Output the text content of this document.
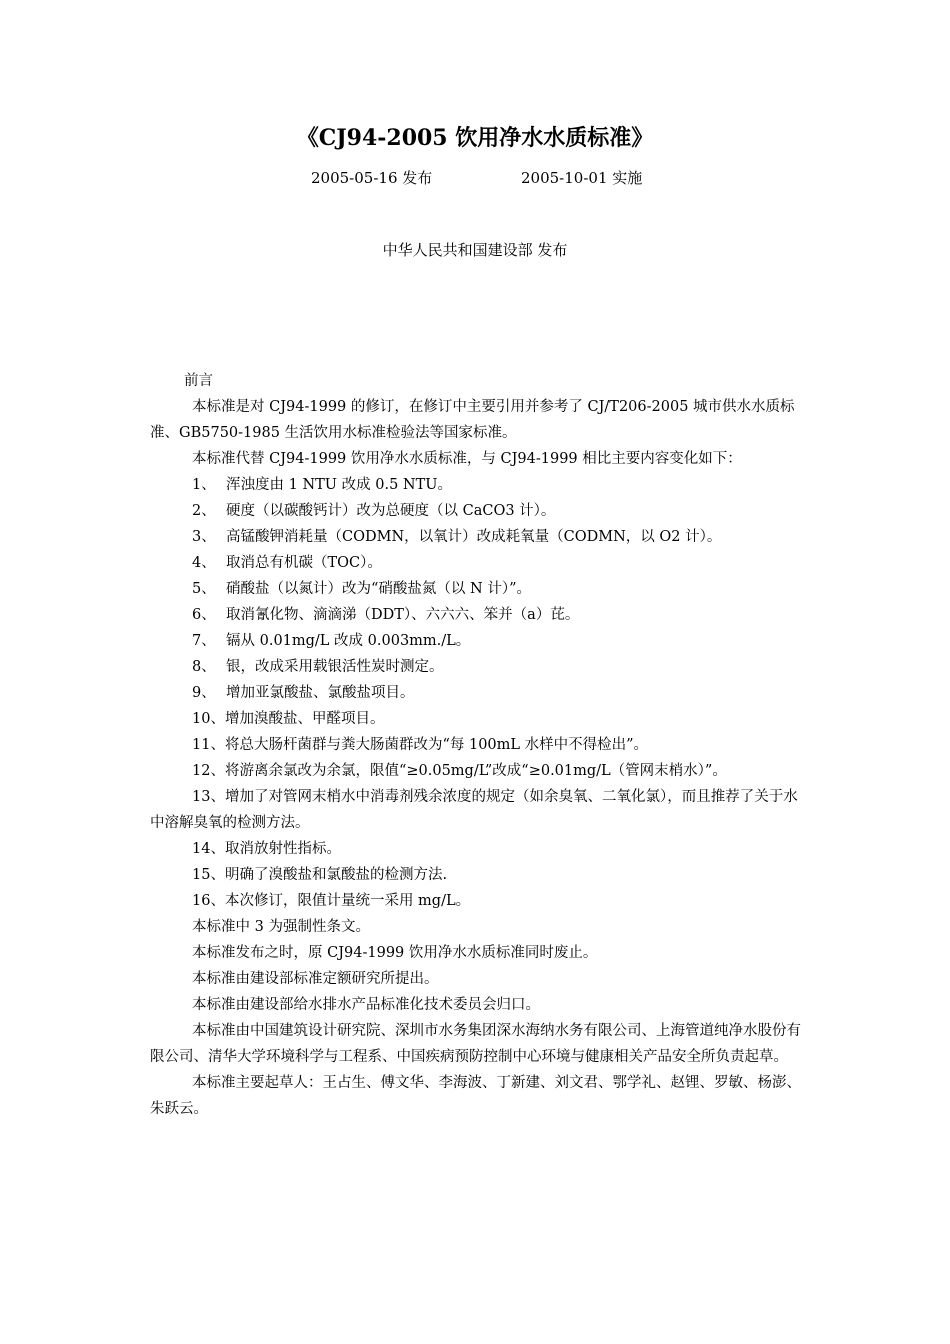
《CJ94-2005 饮用净水水质标准》
2005-05-16 发布	2005-10-01 实施
中华人民共和国建设部 发布

前言

本标准是对 CJ94-1999 的修订，在修订中主要引用并参考了 CJ/T206-2005 城市供水水质标准、GB5750-1985 生活饮用水标准检验法等国家标准。

本标准代替 CJ94-1999 饮用净水水质标准，与 CJ94-1999 相比主要内容变化如下：

1、 浑浊度由 1 NTU 改成 0.5 NTU。

2、 硬度（以碳酸钙计）改为总硬度（以 CaCO3 计）。

3、 高锰酸钾消耗量（CODMN，以氧计）改成耗氧量（CODMN，以 O2 计）。

4、 取消总有机碳（TOC）。

5、 硝酸盐（以氮计）改为“硝酸盐氮（以 N 计）”。

6、 取消氰化物、滴滴涕（DDT）、六六六、笨并（a）芘。

7、 镉从 0.01mg/L 改成 0.003mm./L。

8、 银，改成采用载银活性炭时测定。

9、 增加亚氯酸盐、氯酸盐项目。

10、增加溴酸盐、甲醛项目。

11、将总大肠杆菌群与粪大肠菌群改为“每 100mL 水样中不得检出”。

12、将游离余氯改为余氯，限值“≥0.05mg/L”改成“≥0.01mg/L（管网末梢水）”。

13、增加了对管网末梢水中消毒剂残余浓度的规定（如余臭氧、二氧化氯），而且推荐了关于水中溶解臭氧的检测方法。

14、取消放射性指标。

15、明确了溴酸盐和氯酸盐的检测方法.

16、本次修订，限值计量统一采用 mg/L。

本标准中 3 为强制性条文。

本标准发布之时，原 CJ94-1999 饮用净水水质标准同时废止。

本标准由建设部标准定额研究所提出。

本标准由建设部给水排水产品标准化技术委员会归口。

本标准由中国建筑设计研究院、深圳市水务集团深水海纳水务有限公司、上海管道纯净水股份有限公司、清华大学环境科学与工程系、中国疾病预防控制中心环境与健康相关产品安全所负责起草。

本标准主要起草人：王占生、傅文华、李海波、丁新建、刘文君、鄂学礼、赵锂、罗敏、杨澎、朱跃云。
